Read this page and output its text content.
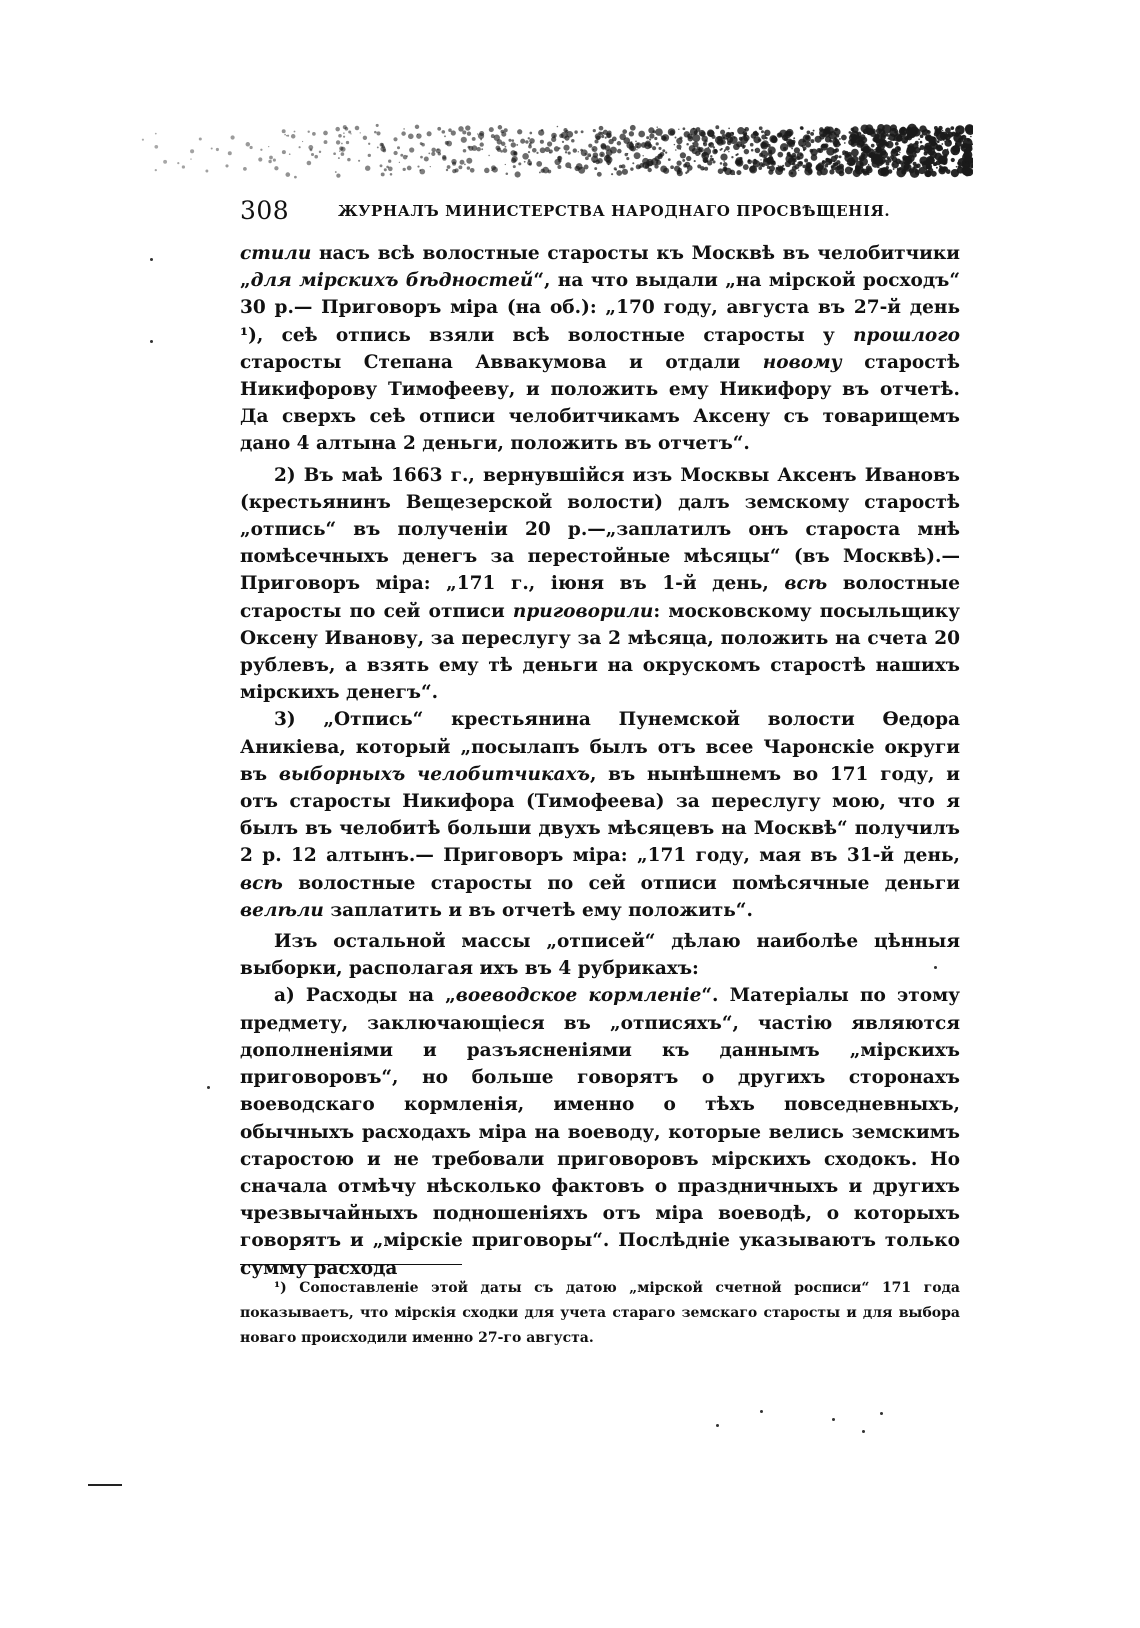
308	ЖУРНАЛЪ МИНИСТЕРСТВА НАРОДНАГО ПРОСВѢЩЕНІЯ.

стили насъ всѣ волостные старосты къ Москвѣ въ челобитчики „для мірскихъ бѣдностей“, на что выдали „на мірской росходъ“ 30 р.— Приговоръ міра (на об.): „170 году, августа въ 27-й день ¹), сеѣ отпись взяли всѣ волостные старосты у прошлого старосты Степана Аввакумова и отдали новому старостѣ Никифорову Тимофееву, и положить ему Никифору въ отчетѣ. Да сверхъ сеѣ отписи челобитчикамъ Аксену съ товарищемъ дано 4 алтына 2 деньги, положить въ отчетъ“.

2) Въ маѣ 1663 г., вернувшійся изъ Москвы Аксенъ Ивановъ (крестьянинъ Вещезерской волости) далъ земскому старостѣ „отпись“ въ полученіи 20 р.—„заплатилъ онъ староста мнѣ помѣсечныхъ денегъ за перестойные мѣсяцы“ (въ Москвѣ).—Приговоръ міра: „171 г., іюня въ 1-й день, всѣ волостные старосты по сей отписи приговорили: московскому посыльщику Оксену Иванову, за переслугу за 2 мѣсяца, положить на счета 20 рублевъ, а взять ему тѣ деньги на окрускомъ старостѣ нашихъ мірскихъ денегъ“.

3) „Отпись“ крестьянина Пунемской волости Ѳедора Аникіева, который „посылапъ былъ отъ всее Чаронскіе округи въ выборныхъ челобитчикахъ, въ нынѣшнемъ во 171 году, и отъ старосты Никифора (Тимофеева) за переслугу мою, что я былъ въ челобитѣ больши двухъ мѣсяцевъ на Москвѣ“ получилъ 2 р. 12 алтынъ.— Приговоръ міра: „171 году, мая въ 31-й день, всѣ волостные старосты по сей отписи помѣсячные деньги велѣли заплатить и въ отчетѣ ему положить“.

Изъ остальной массы „отписей“ дѣлаю наиболѣе цѣнныя выборки, располагая ихъ въ 4 рубрикахъ:

а) Расходы на „воеводское кормленіе“. Матеріалы по этому предмету, заключающіеся въ „отписяхъ“, частію являются дополненіями и разъясненіями къ даннымъ „мірскихъ приговоровъ“, но больше говорятъ о другихъ сторонахъ воеводскаго кормленія, именно о тѣхъ повседневныхъ, обычныхъ расходахъ міра на воеводу, которые велись земскимъ старостою и не требовали приговоровъ мірскихъ сходокъ. Но сначала отмѣчу нѣсколько фактовъ о праздничныхъ и другихъ чрезвычайныхъ подношеніяхъ отъ міра воеводѣ, о которыхъ говорятъ и „мірскіе приговоры“. Послѣдніе указываютъ только сумму расхода

¹) Сопоставленіе этой даты съ датою „мірской счетной росписи“ 171 года показываетъ, что мірскія сходки для учета стараго земскаго старосты и для выбора новаго происходили именно 27-го августа.
